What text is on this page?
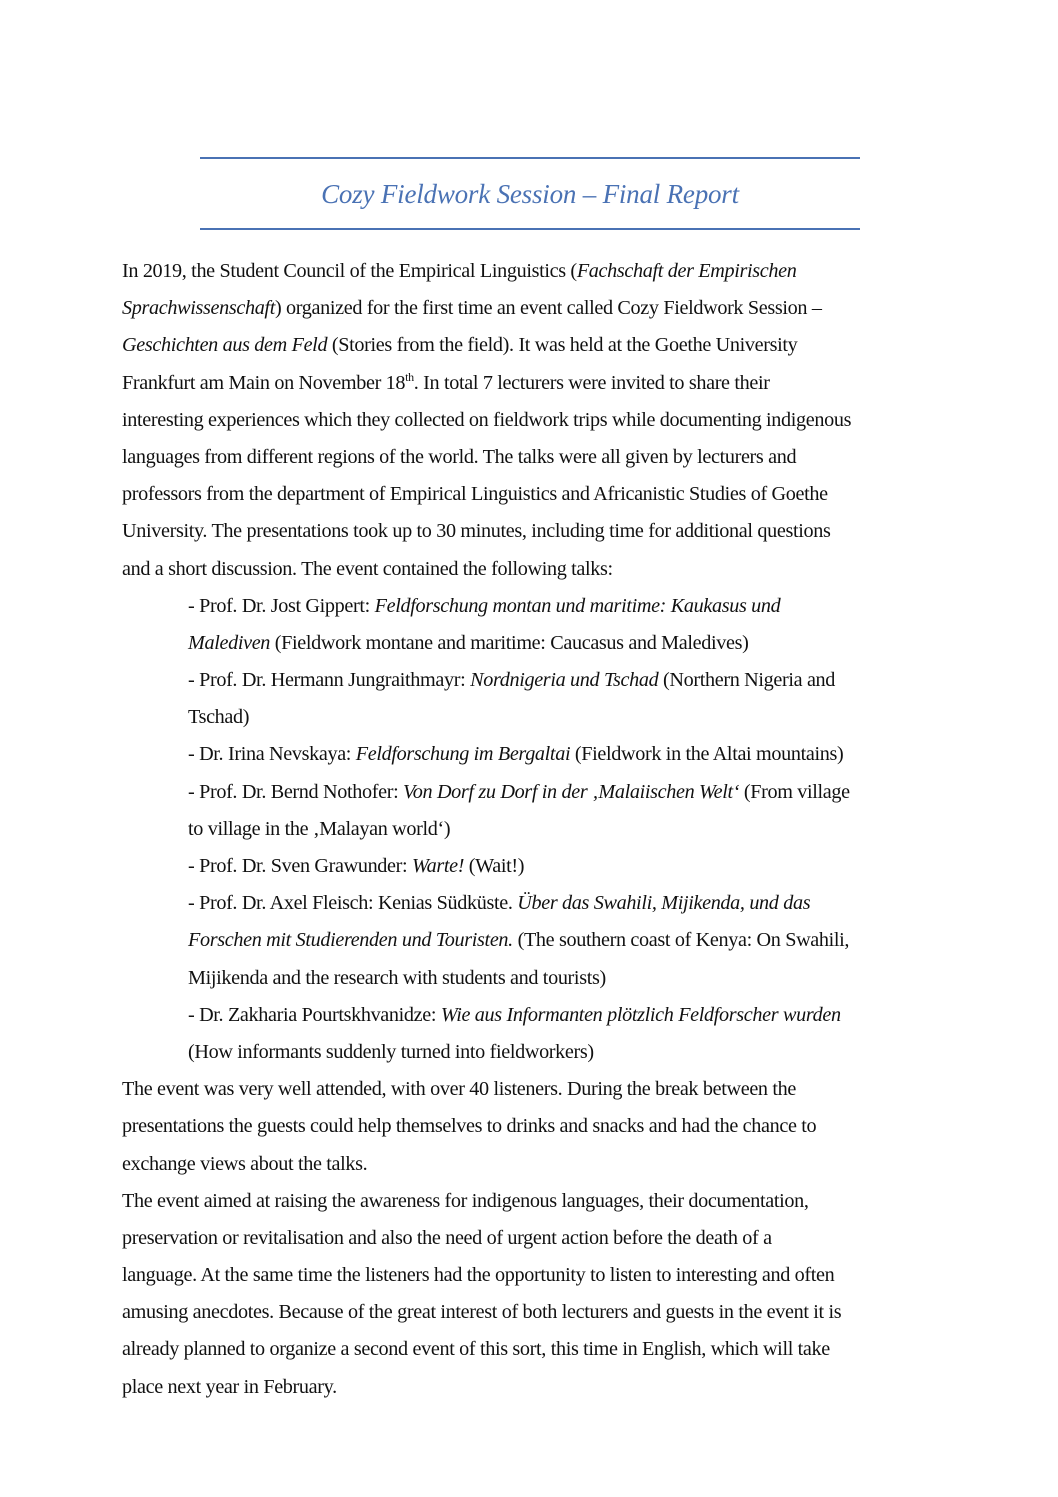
Cozy Fieldwork Session – Final Report
In 2019, the Student Council of the Empirical Linguistics (Fachschaft der Empirischen
Sprachwissenschaft) organized for the first time an event called Cozy Fieldwork Session –
Geschichten aus dem Feld (Stories from the field). It was held at the Goethe University
Frankfurt am Main on November 18th. In total 7 lecturers were invited to share their
interesting experiences which they collected on fieldwork trips while documenting indigenous
languages from different regions of the world. The talks were all given by lecturers and
professors from the department of Empirical Linguistics and Africanistic Studies of Goethe
University. The presentations took up to 30 minutes, including time for additional questions
and a short discussion. The event contained the following talks:
- Prof. Dr. Jost Gippert: Feldforschung montan und maritime: Kaukasus und
Malediven (Fieldwork montane and maritime: Caucasus and Maledives)
- Prof. Dr. Hermann Jungraithmayr: Nordnigeria und Tschad (Northern Nigeria and
Tschad)
- Dr. Irina Nevskaya: Feldforschung im Bergaltai (Fieldwork in the Altai mountains)
- Prof. Dr. Bernd Nothofer: Von Dorf zu Dorf in der ‚Malaiischen Welt‘ (From village
to village in the ‚Malayan world‘)
- Prof. Dr. Sven Grawunder: Warte! (Wait!)
- Prof. Dr. Axel Fleisch: Kenias Südküste. Über das Swahili, Mijikenda, und das
Forschen mit Studierenden und Touristen. (The southern coast of Kenya: On Swahili,
Mijikenda and the research with students and tourists)
- Dr. Zakharia Pourtskhvanidze: Wie aus Informanten plötzlich Feldforscher wurden
(How informants suddenly turned into fieldworkers)
The event was very well attended, with over 40 listeners. During the break between the
presentations the guests could help themselves to drinks and snacks and had the chance to
exchange views about the talks.
The event aimed at raising the awareness for indigenous languages, their documentation,
preservation or revitalisation and also the need of urgent action before the death of a
language. At the same time the listeners had the opportunity to listen to interesting and often
amusing anecdotes. Because of the great interest of both lecturers and guests in the event it is
already planned to organize a second event of this sort, this time in English, which will take
place next year in February.
